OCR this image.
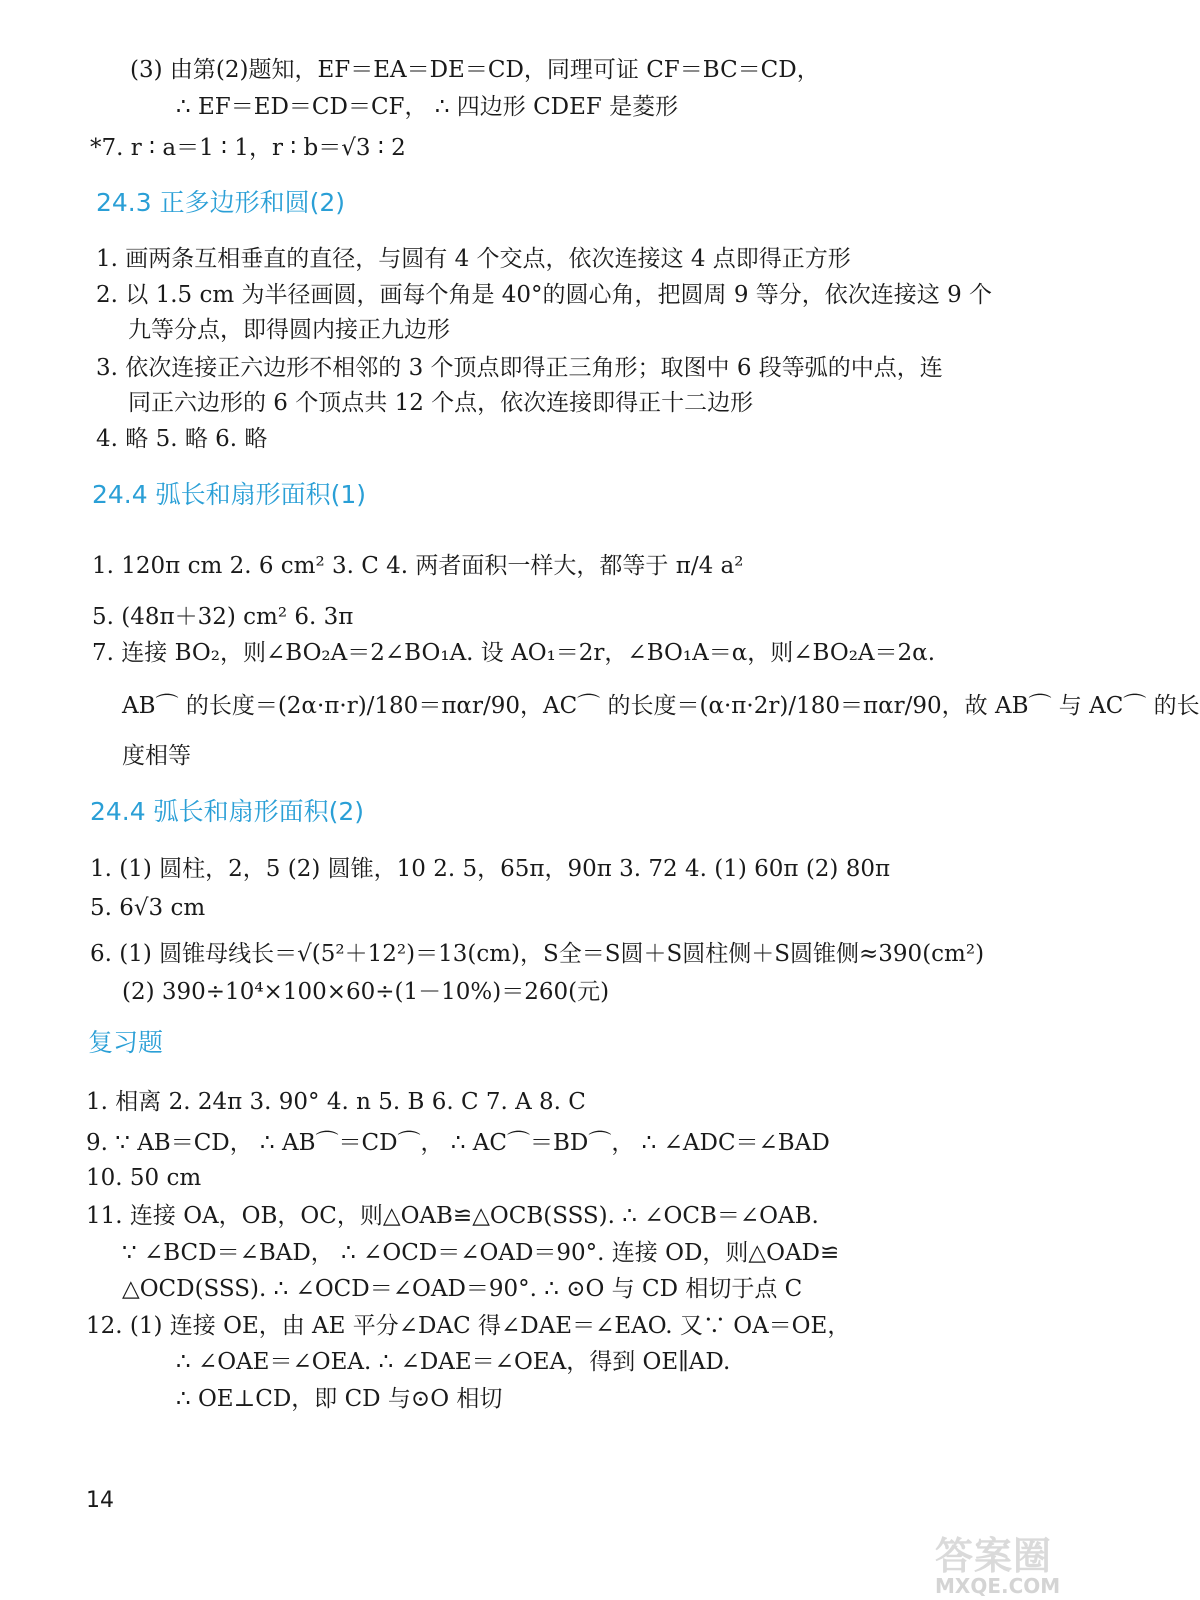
(3) 由第(2)题知，EF＝EA＝DE＝CD，同理可证 CF＝BC＝CD，
∴ EF＝ED＝CD＝CF， ∴ 四边形 CDEF 是菱形
*7. r ∶ a＝1 ∶ 1，r ∶ b＝√3 ∶ 2
24.3 正多边形和圆(2)
1. 画两条互相垂直的直径，与圆有 4 个交点，依次连接这 4 点即得正方形
2. 以 1.5 cm 为半径画圆，画每个角是 40°的圆心角，把圆周 9 等分，依次连接这 9 个
九等分点，即得圆内接正九边形
3. 依次连接正六边形不相邻的 3 个顶点即得正三角形；取图中 6 段等弧的中点，连
同正六边形的 6 个顶点共 12 个点，依次连接即得正十二边形
4. 略 5. 略 6. 略
24.4 弧长和扇形面积(1)
1. 120π cm 2. 6 cm² 3. C 4. 两者面积一样大，都等于 π/4 a²
5. (48π＋32) cm² 6. 3π
7. 连接 BO₂，则∠BO₂A＝2∠BO₁A. 设 AO₁＝2r，∠BO₁A＝α，则∠BO₂A＝2α.
AB⌒ 的长度＝(2α·π·r)/180＝παr/90，AC⌒ 的长度＝(α·π·2r)/180＝παr/90，故 AB⌒ 与 AC⌒ 的长
度相等
24.4 弧长和扇形面积(2)
1. (1) 圆柱，2，5 (2) 圆锥，10 2. 5，65π，90π 3. 72 4. (1) 60π (2) 80π
5. 6√3 cm
6. (1) 圆锥母线长＝√(5²＋12²)＝13(cm)，S全＝S圆＋S圆柱侧＋S圆锥侧≈390(cm²)
(2) 390÷10⁴×100×60÷(1－10%)＝260(元)
复习题
1. 相离 2. 24π 3. 90° 4. n 5. B 6. C 7. A 8. C
9. ∵ AB＝CD， ∴ AB⌒＝CD⌒， ∴ AC⌒＝BD⌒， ∴ ∠ADC＝∠BAD
10. 50 cm
11. 连接 OA，OB，OC，则△OAB≌△OCB(SSS). ∴ ∠OCB＝∠OAB.
∵ ∠BCD＝∠BAD， ∴ ∠OCD＝∠OAD＝90°. 连接 OD，则△OAD≌
△OCD(SSS). ∴ ∠OCD＝∠OAD＝90°. ∴ ⊙O 与 CD 相切于点 C
12. (1) 连接 OE，由 AE 平分∠DAC 得∠DAE＝∠EAO. 又∵ OA＝OE，
∴ ∠OAE＝∠OEA. ∴ ∠DAE＝∠OEA，得到 OE∥AD.
∴ OE⊥CD，即 CD 与⊙O 相切
14
答案圈
MXQE.COM
